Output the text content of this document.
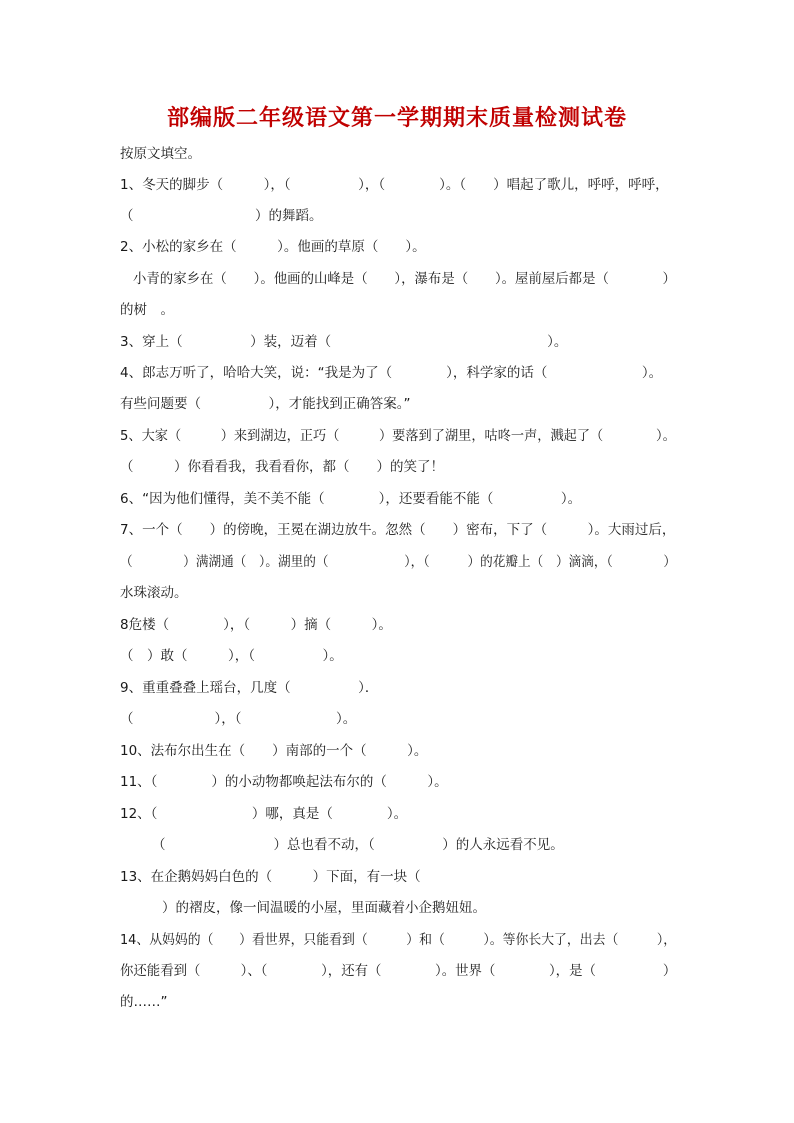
部编版二年级语文第一学期期末质量检测试卷
按原文填空。
1、冬天的脚步（　　　），（　　　　　），（　　　　）。（　　）唱起了歌儿，呼呼，呼呼，
（　　　　　　　　　）的舞蹈。
2、小松的家乡在（　　　）。他画的草原（　　）。
小青的家乡在（　　）。他画的山峰是（　　），瀑布是（　　）。屋前屋后都是（　　　　）
的树　。
3、穿上（　　　　　）装，迈着（　　　　　　　　　　　　　　　　）。
4、郎志万听了，哈哈大笑，说：“我是为了（　　　　），科学家的话（　　　　　　　）。
有些问题要（　　　　　），才能找到正确答案。”
5、大家（　　　）来到湖边，正巧（　　　）要落到了湖里，咕咚一声，溅起了（　　　　）。
（　　　）你看看我，我看看你，都（　　）的笑了！
6、“因为他们懂得，美不美不能（　　　　），还要看能不能（　　　　　）。
7、一个（　　）的傍晚，王冕在湖边放牛。忽然（　　）密布，下了（　　　）。大雨过后，
（　　　　）满湖通（　）。湖里的（　　　　　　），（　　　）的花瓣上（　）滴滴，（　　　　）
水珠滚动。
8危楼（　　　　），（　　　）摘（　　　）。
（　）敢（　　　），（　　　　　）。
9、重重叠叠上瑶台，几度（　　　　　）．
（　　　　　　），（　　　　　　　）。
10、法布尔出生在（　　）南部的一个（　　　）。
11、（　　　　）的小动物都唤起法布尔的（　　　）。
12、（　　　　　　　）哪，真是（　　　　）。
（　　　　　　　　）总也看不动，（　　　　　）的人永远看不见。
13、在企鹅妈妈白色的（　　　）下面，有一块（
）的褶皮，像一间温暖的小屋，里面藏着小企鹅妞妞。
14、从妈妈的（　　）看世界，只能看到（　　　）和（　　　）。等你长大了，出去（　　　），
你还能看到（　　　）、（　　　　），还有（　　　　）。世界（　　　　），是（　　　　　）
的……”
